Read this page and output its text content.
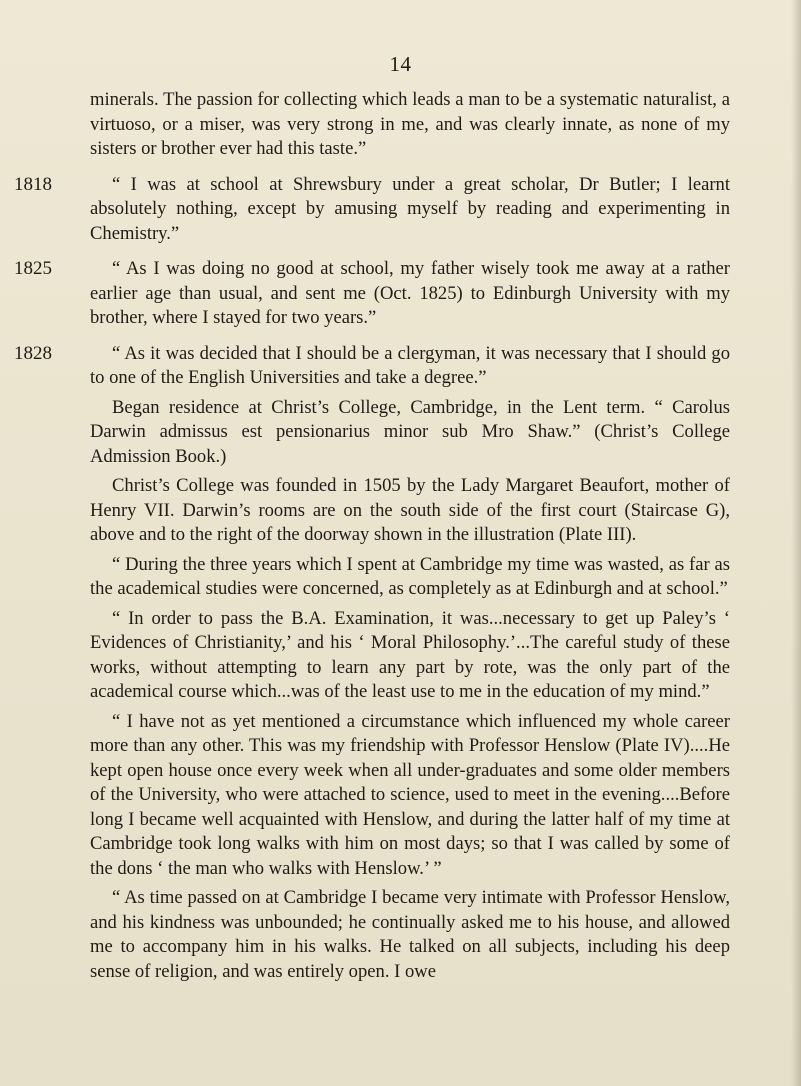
14

minerals. The passion for collecting which leads a man to be a systematic naturalist, a virtuoso, or a miser, was very strong in me, and was clearly innate, as none of my sisters or brother ever had this taste.”

1818	“ I was at school at Shrewsbury under a great scholar, Dr Butler; I learnt absolutely nothing, except by amusing myself by reading and experimenting in Chemistry.”

1825	“ As I was doing no good at school, my father wisely took me away at a rather earlier age than usual, and sent me (Oct. 1825) to Edinburgh University with my brother, where I stayed for two years.”

1828	“ As it was decided that I should be a clergyman, it was necessary that I should go to one of the English Universities and take a degree.”

Began residence at Christ’s College, Cambridge, in the Lent term. “ Carolus Darwin admissus est pensionarius minor sub Mro Shaw.” (Christ’s College Admission Book.)

Christ’s College was founded in 1505 by the Lady Margaret Beaufort, mother of Henry VII. Darwin’s rooms are on the south side of the first court (Staircase G), above and to the right of the doorway shown in the illustration (Plate III).

“ During the three years which I spent at Cambridge my time was wasted, as far as the academical studies were concerned, as completely as at Edinburgh and at school.”

“ In order to pass the B.A. Examination, it was...necessary to get up Paley’s ‘ Evidences of Christianity,’ and his ‘ Moral Philosophy.’...The careful study of these works, without attempting to learn any part by rote, was the only part of the academical course which...was of the least use to me in the education of my mind.”

“ I have not as yet mentioned a circumstance which influenced my whole career more than any other. This was my friendship with Professor Henslow (Plate IV)....He kept open house once every week when all under-graduates and some older members of the University, who were attached to science, used to meet in the evening....Before long I became well acquainted with Henslow, and during the latter half of my time at Cambridge took long walks with him on most days; so that I was called by some of the dons ‘ the man who walks with Henslow.’ ”

“ As time passed on at Cambridge I became very intimate with Professor Henslow, and his kindness was unbounded; he continually asked me to his house, and allowed me to accompany him in his walks. He talked on all subjects, including his deep sense of religion, and was entirely open. I owe
